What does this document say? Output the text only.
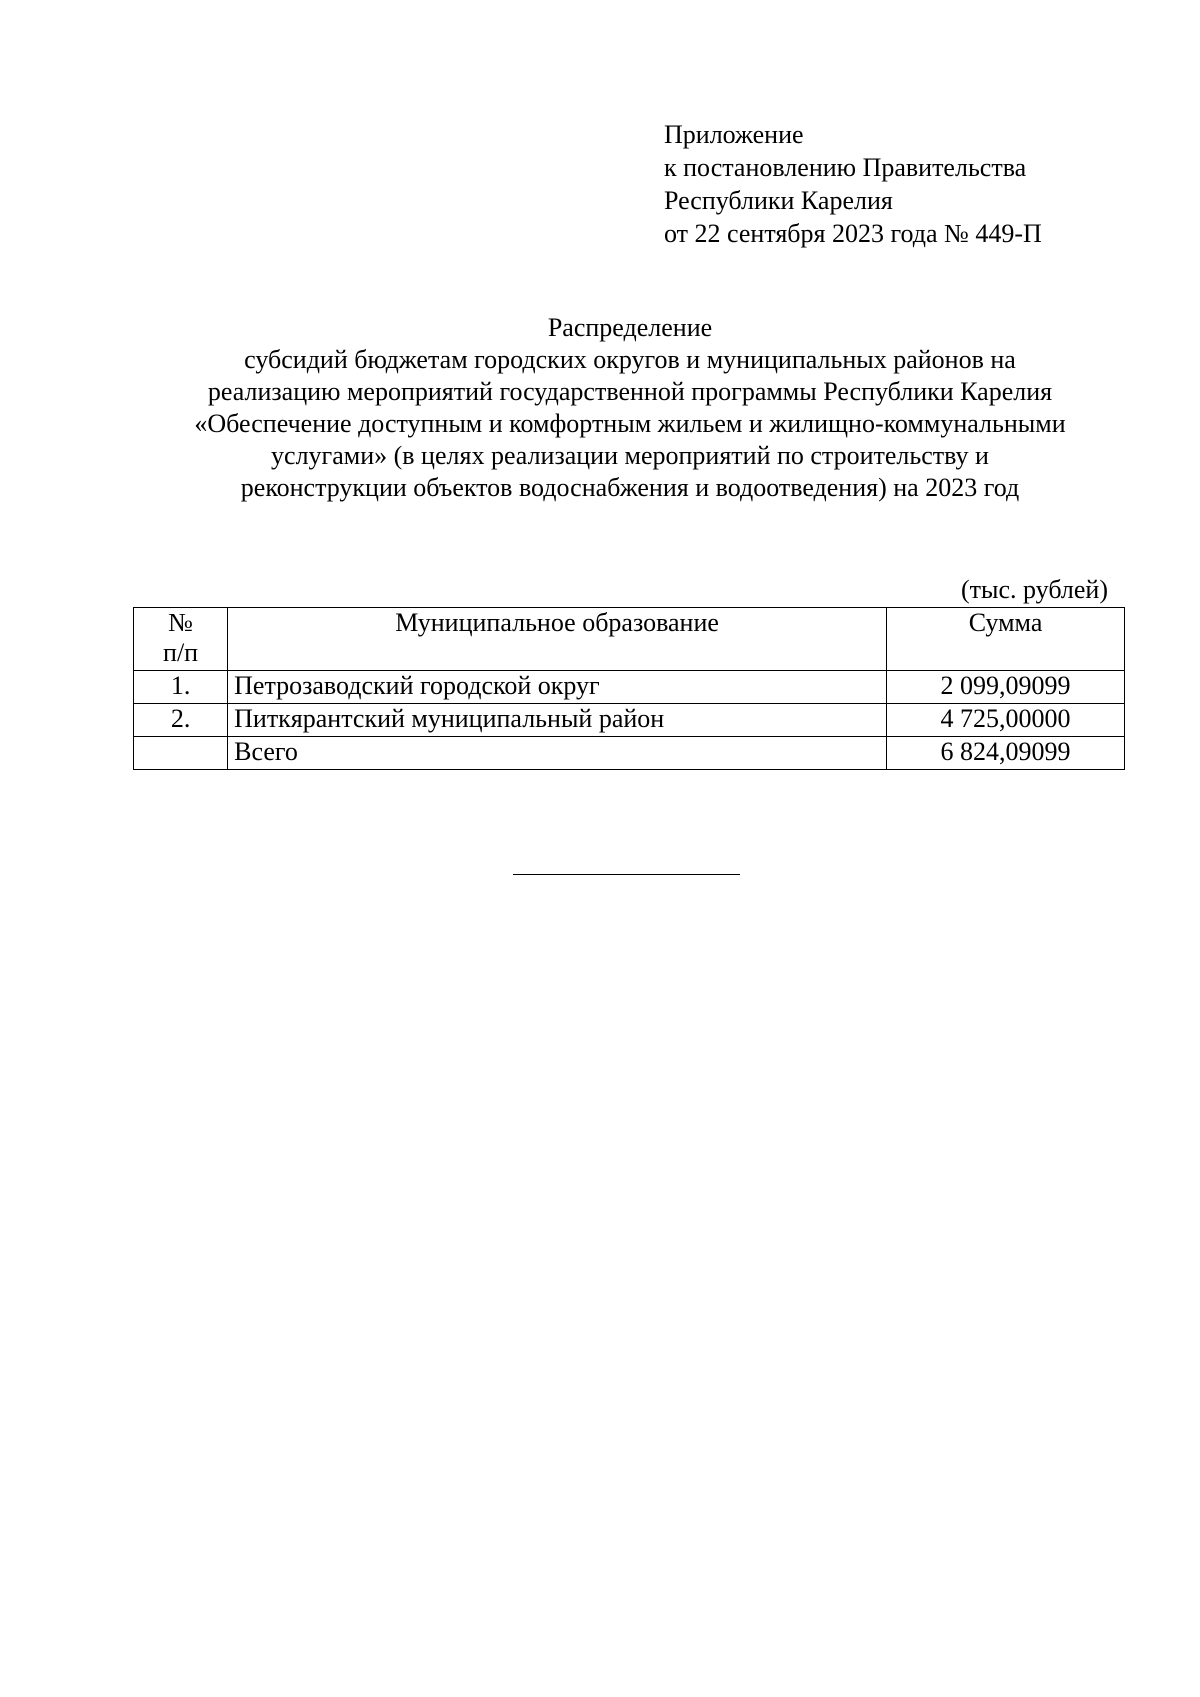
Приложение
к постановлению Правительства
Республики Карелия
от 22 сентября 2023 года № 449-П
Распределение
субсидий бюджетам городских округов и муниципальных районов на
реализацию мероприятий государственной программы Республики Карелия
«Обеспечение доступным и комфортным жильем и жилищно-коммунальными
услугами» (в целях реализации мероприятий по строительству и
реконструкции объектов водоснабжения и водоотведения) на 2023 год
(тыс. рублей)
№
п/п	Муниципальное образование	Сумма
1.	Петрозаводский городской округ	2 099,09099
2.	Питкярантский муниципальный район	4 725,00000
	Всего	6 824,09099
